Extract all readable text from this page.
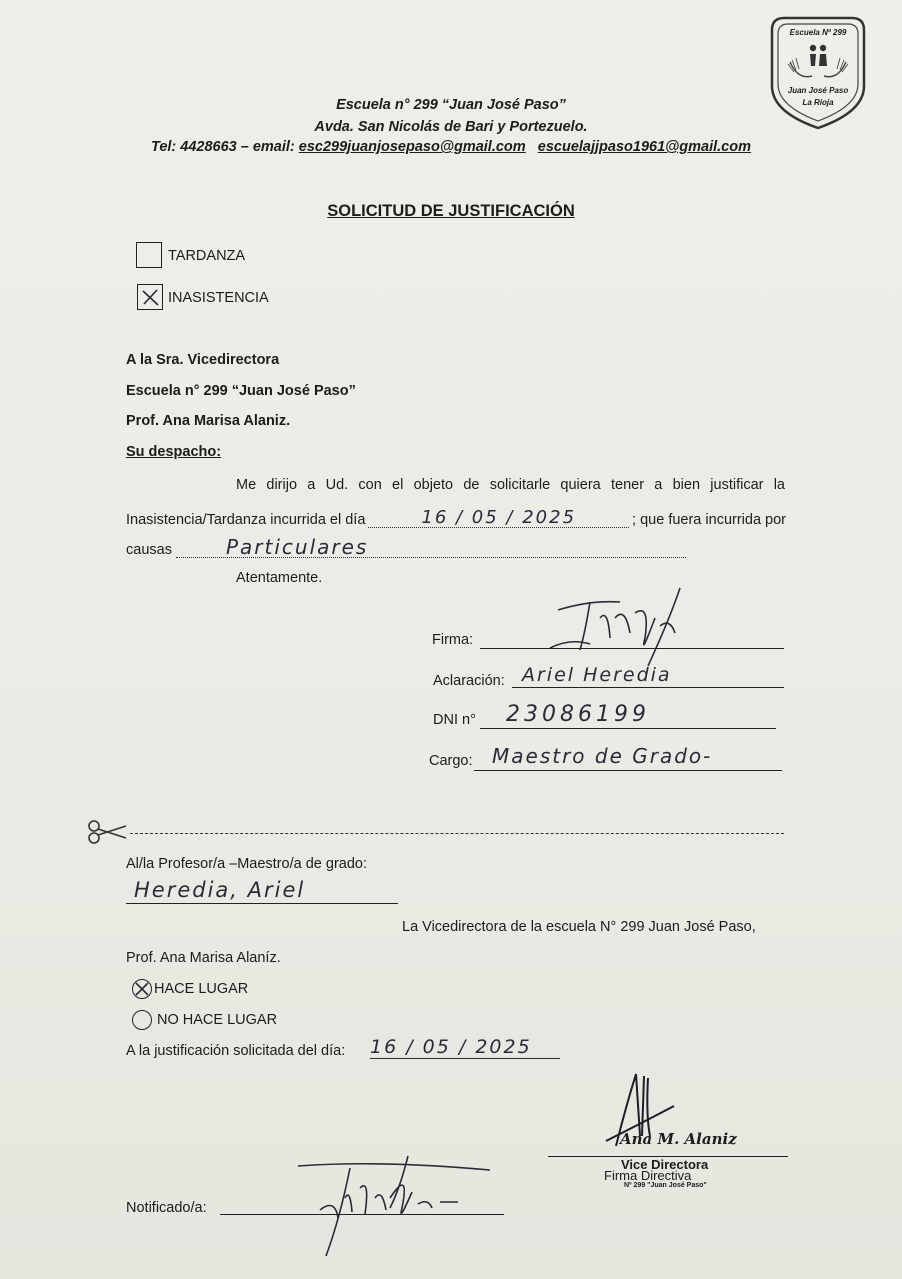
Escuela Nº 299
Juan José Paso
La Rioja
Escuela n° 299 “Juan José Paso”
Avda. San Nicolás de Bari y Portezuelo.
Tel: 4428663 – email: esc299juanjosepaso@gmail.com escuelajjpaso1961@gmail.com
SOLICITUD DE JUSTIFICACIÓN
TARDANZA
INASISTENCIA
A la Sra. Vicedirectora
Escuela n° 299 “Juan José Paso”
Prof. Ana Marisa Alaniz.
Su despacho:
Me dirijo a Ud. con el objeto de solicitarle quiera tener a bien justificar la
Inasistencia/Tardanza incurrida el día	16 / 05 / 2025	; que fuera incurrida por
causas	Particulares
Atentamente.
Firma:
Aclaración: Ariel Heredia
DNI n°	23086199
Cargo: Maestro de Grado-
Al/la Profesor/a –Maestro/a de grado:
Heredia, Ariel
La Vicedirectora de la escuela N° 299 Juan José Paso,
Prof. Ana Marisa Alaníz.
HACE LUGAR
NO HACE LUGAR
A la justificación solicitada del día: 16 / 05 / 2025
Ana M. Alaniz
Vice Directora
Firma Directiva
Nº 299 "Juan José Paso"
Notificado/a:
